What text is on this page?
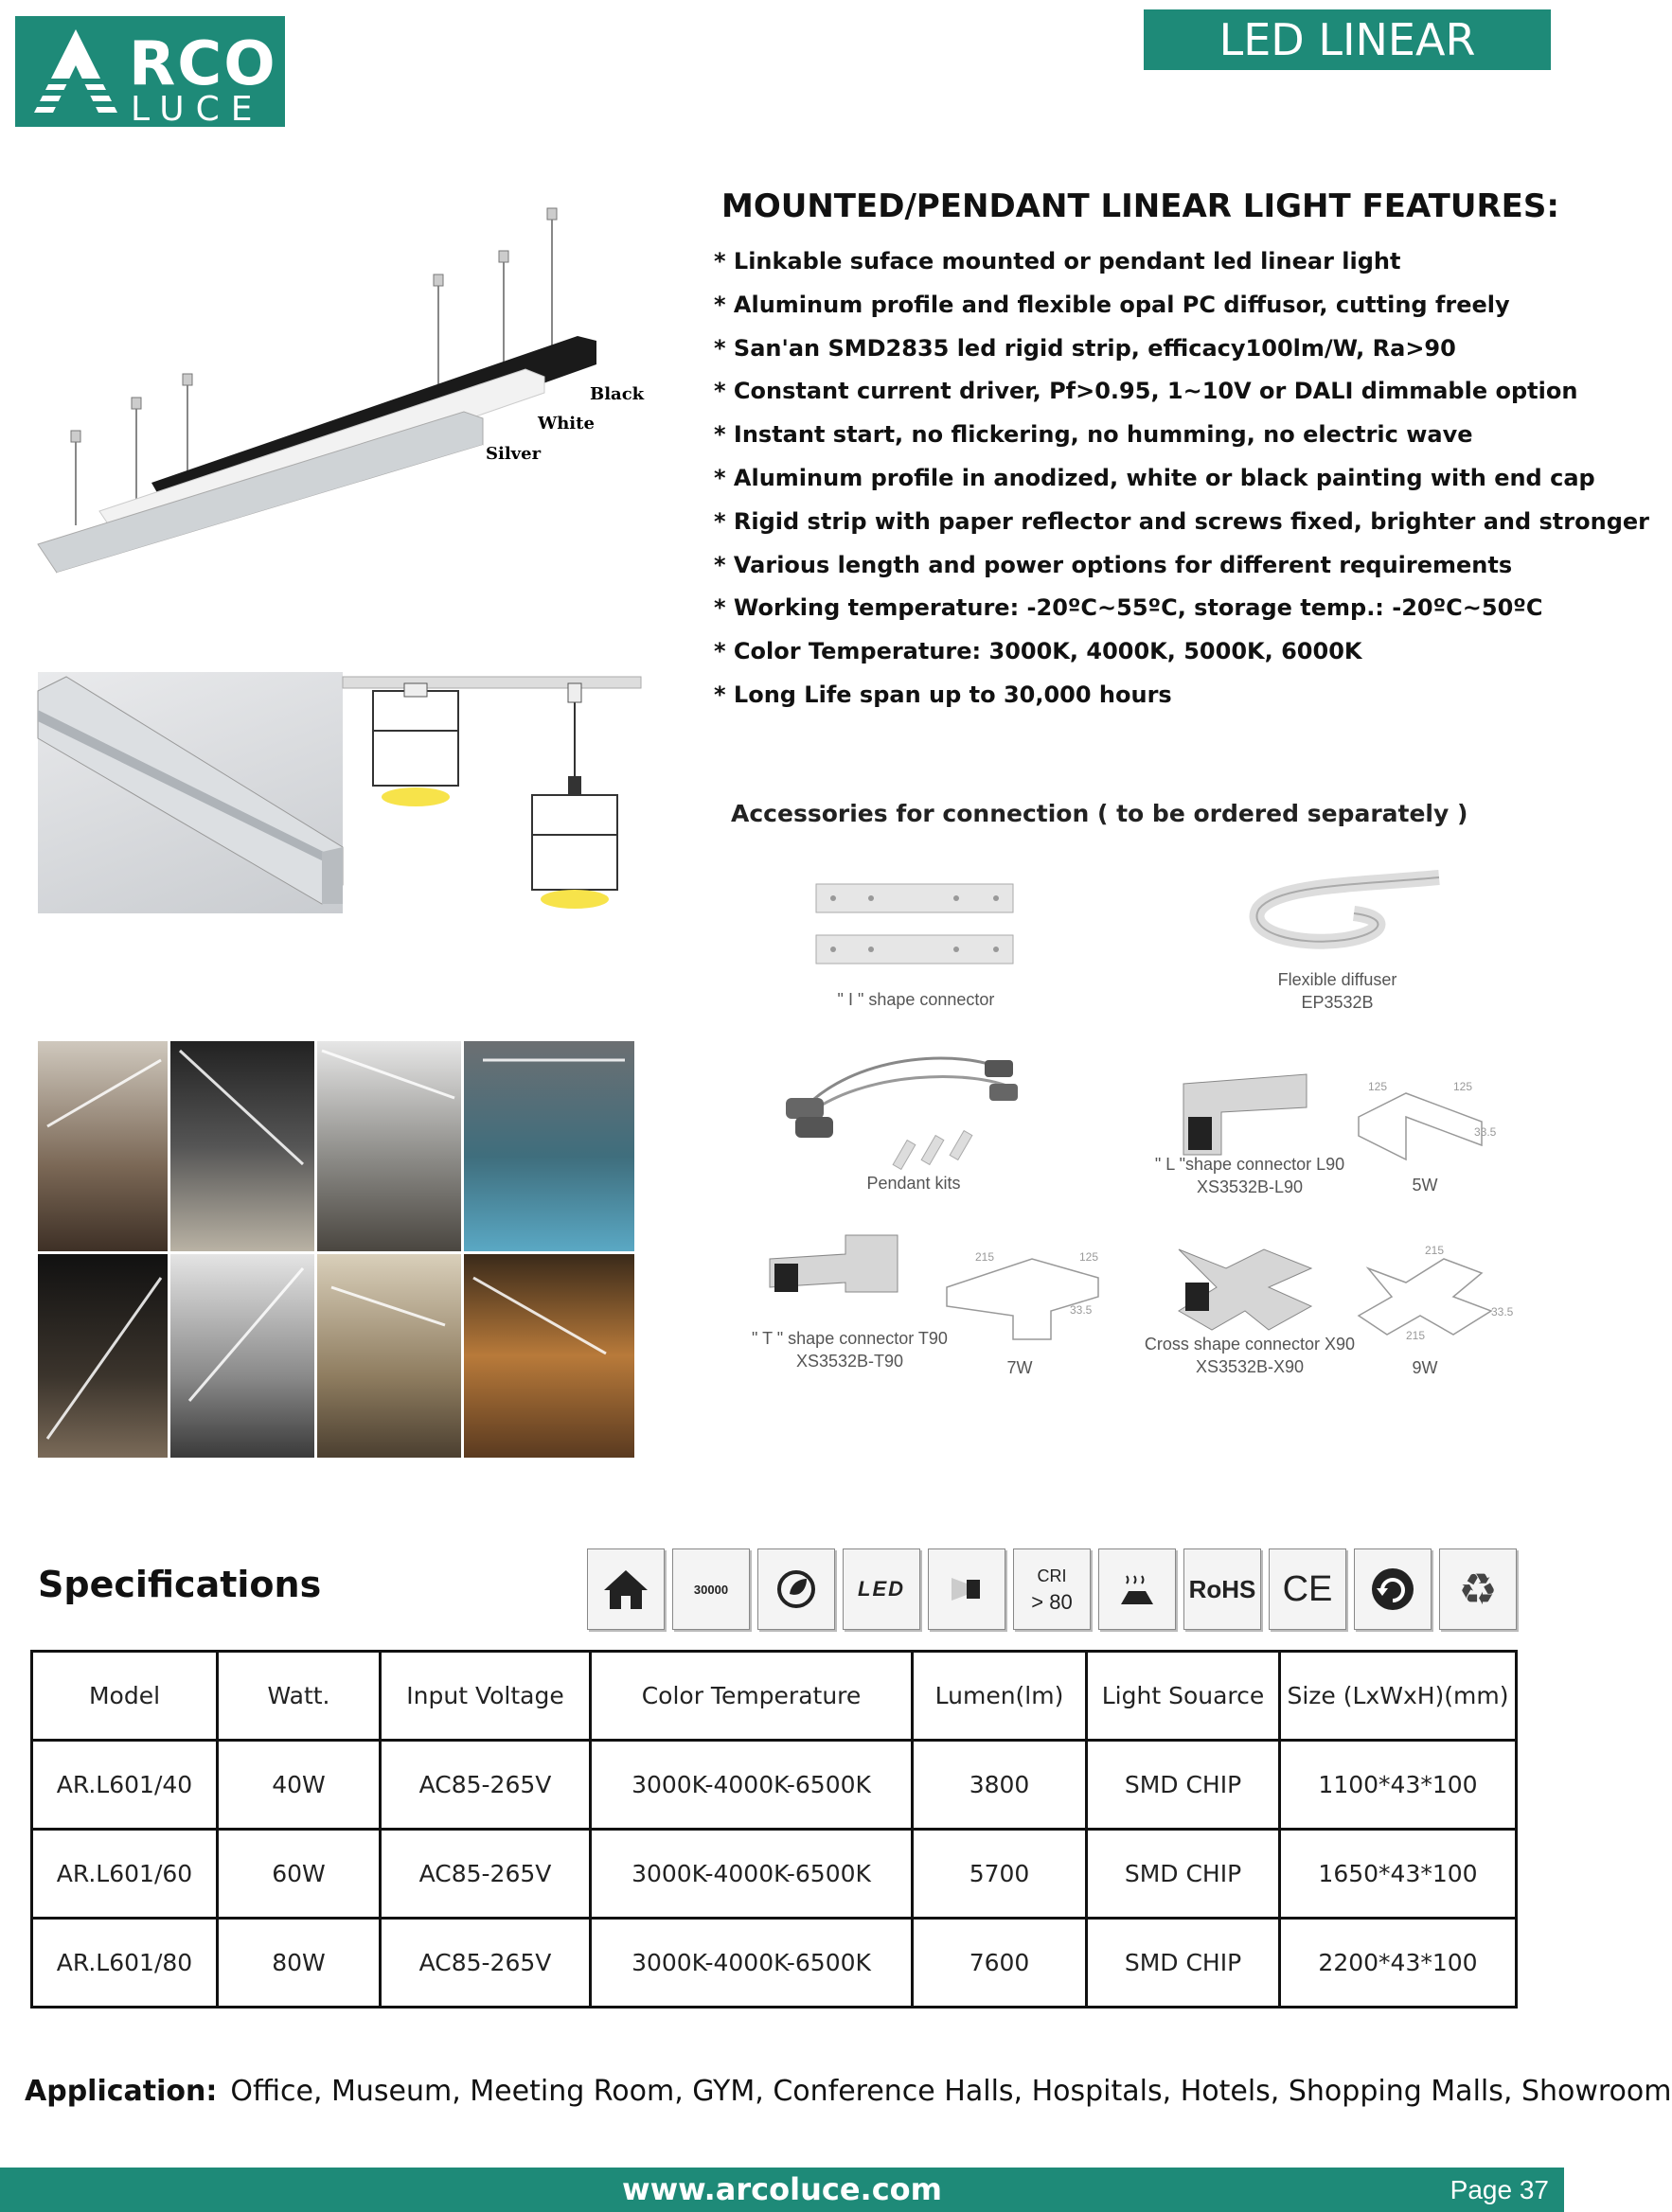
RCO
LUCE
LED LINEAR LIGHTS
Black
White
Silver
MOUNTED/PENDANT LINEAR LIGHT FEATURES:
* Linkable suface mounted or pendant led linear light
* Aluminum profile and flexible opal PC diffusor, cutting freely
* San'an SMD2835 led rigid strip, efficacy100lm/W, Ra>90
* Constant current driver, Pf>0.95, 1~10V or DALI dimmable option
* Instant start, no flickering, no humming, no electric wave
* Aluminum profile in anodized, white or black painting with end cap
* Rigid strip with paper reflector and screws fixed, brighter and stronger
* Various length and power options for different requirements
* Working temperature: -20ºC~55ºC, storage temp.: -20ºC~50ºC
* Color Temperature: 3000K, 4000K, 5000K, 6000K
* Long Life span up to 30,000 hours
Accessories for connection ( to be ordered separately )
" I " shape connector
Flexible diffuser
EP3532B
Pendant kits
" L "shape connector L90
XS3532B-L90
125	125
33.5
5W
" T " shape connector T90
XS3532B-T90
215	125
33.5
7W
Cross shape connector X90
XS3532B-X90
215
215
33.5
9W
Specifications	30000	LED
CRI
> 80	RoHS CE	♻
Model	Watt.	Input Voltage	Color Temperature	Lumen(lm)	Light Souarce	Size (LxWxH)(mm)
AR.L601/40	40W	AC85-265V	3000K-4000K-6500K	3800	SMD CHIP	1100*43*100
AR.L601/60	60W	AC85-265V	3000K-4000K-6500K	5700	SMD CHIP	1650*43*100
AR.L601/80	80W	AC85-265V	3000K-4000K-6500K	7600	SMD CHIP	2200*43*100
Application: Office, Museum, Meeting Room, GYM, Conference Halls, Hospitals, Hotels, Shopping Malls, Showroom
www.arcoluce.com	Page 37
